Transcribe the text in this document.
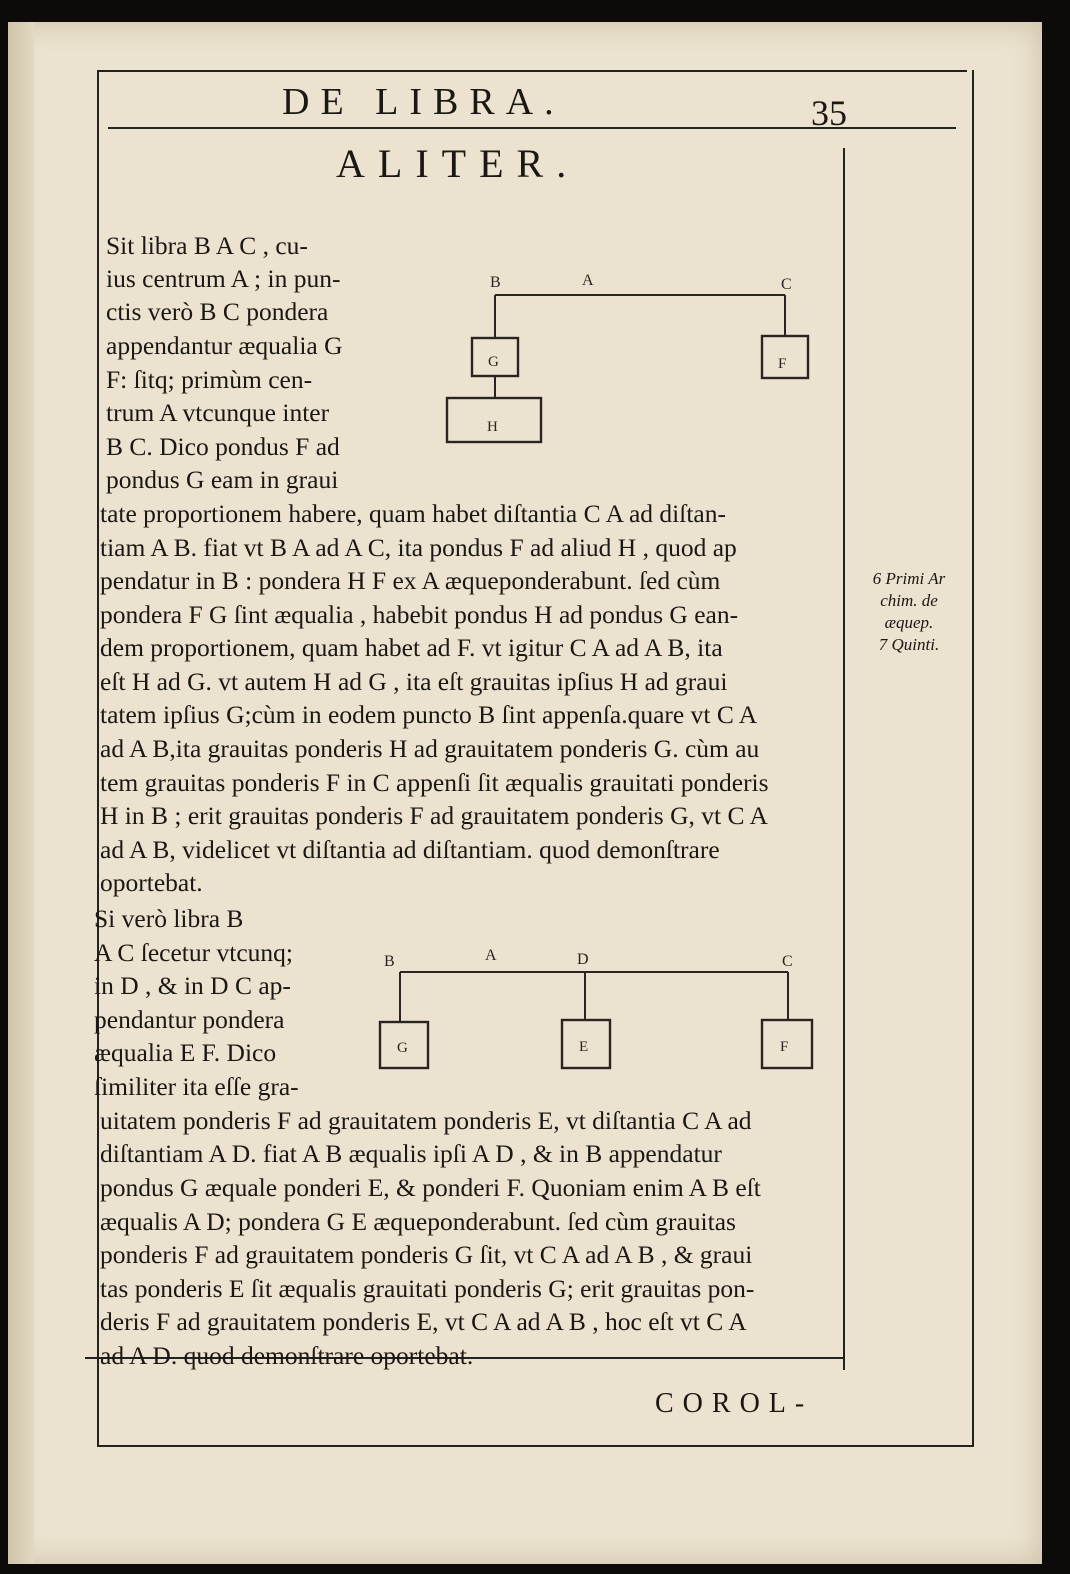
DE LIBRA.	35
ALITER.
Sit libra B A C , cu-
ius centrum A ; in pun-
ctis verò B C pondera
appendantur æqualia G
F: ſitq; primùm cen-
trum A vtcunque inter
B C. Dico pondus F ad
pondus G eam in graui
tate proportionem habere, quam habet diſtantia C A ad diſtan-
tiam A B. fiat vt B A ad A C, ita pondus F ad aliud H , quod ap
pendatur in B : pondera H F ex A æqueponderabunt. ſed cùm
pondera F G ſint æqualia , habebit pondus H ad pondus G ean-
dem proportionem, quam habet ad F. vt igitur C A ad A B, ita
eſt H ad G. vt autem H ad G , ita eſt grauitas ipſius H ad graui
tatem ipſius G;cùm in eodem puncto B ſint appenſa.quare vt C A
ad A B,ita grauitas ponderis H ad grauitatem ponderis G. cùm au
tem grauitas ponderis F in C appenſi ſit æqualis grauitati ponderis
H in B ; erit grauitas ponderis F ad grauitatem ponderis G, vt C A
ad A B, videlicet vt diſtantia ad diſtantiam. quod demonſtrare
oportebat.
Si verò libra B
A C ſecetur vtcunq;
in D , & in D C ap-
pendantur pondera
æqualia E F. Dico
ſimiliter ita eſſe gra-
uitatem ponderis F ad grauitatem ponderis E, vt diſtantia C A ad
diſtantiam A D. fiat A B æqualis ipſi A D , & in B appendatur
pondus G æquale ponderi E, & ponderi F. Quoniam enim A B eſt
æqualis A D; pondera G E æqueponderabunt. ſed cùm grauitas
ponderis F ad grauitatem ponderis G ſit, vt C A ad A B , & graui
tas ponderis E ſit æqualis grauitati ponderis G; erit grauitas pon-
deris F ad grauitatem ponderis E, vt C A ad A B , hoc eſt vt C A
ad A D. quod demonſtrare oportebat.
6 Primi Ar
chim. de
æquep.
7 Quinti.
COROL-
B	A	C
G	F
H
B	A	D	C
G	E	F
